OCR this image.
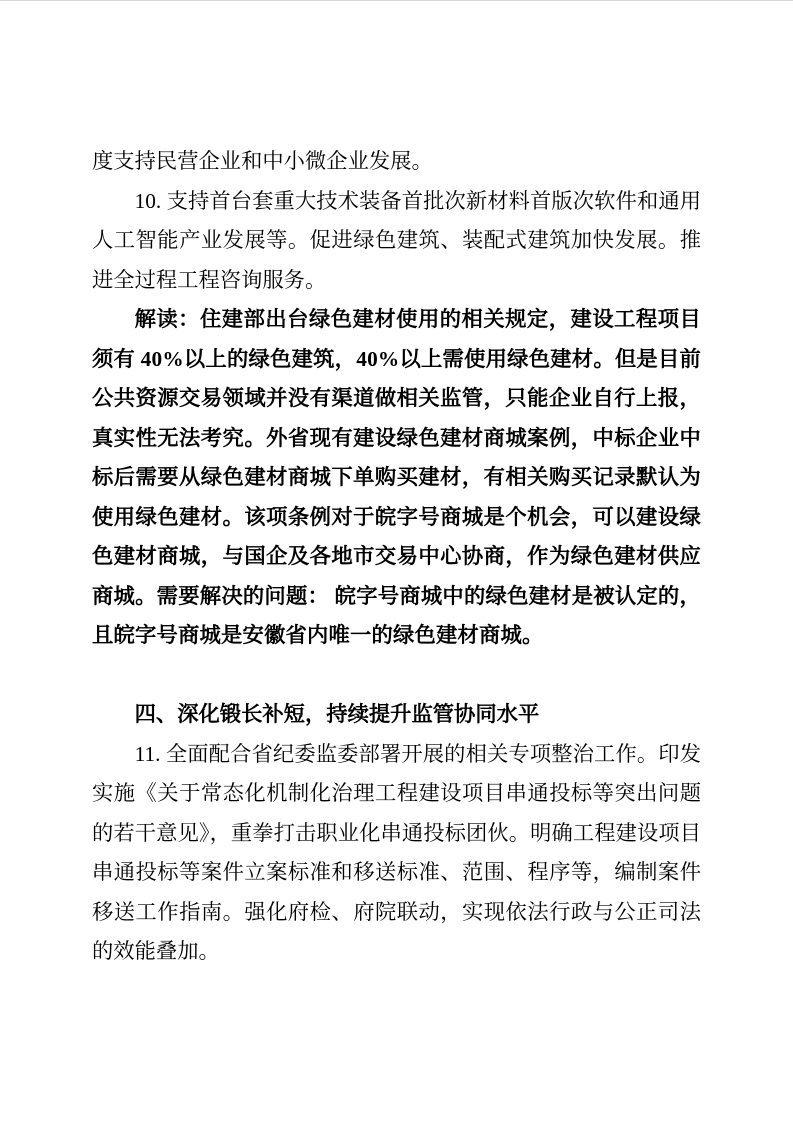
度支持民营企业和中小微企业发展。

10. 支持首台套重大技术装备首批次新材料首版次软件和通用人工智能产业发展等。促进绿色建筑、装配式建筑加快发展。推进全过程工程咨询服务。

解读：住建部出台绿色建材使用的相关规定，建设工程项目须有 40%以上的绿色建筑，40%以上需使用绿色建材。但是目前公共资源交易领域并没有渠道做相关监管，只能企业自行上报，真实性无法考究。外省现有建设绿色建材商城案例，中标企业中标后需要从绿色建材商城下单购买建材，有相关购买记录默认为使用绿色建材。该项条例对于皖字号商城是个机会，可以建设绿色建材商城，与国企及各地市交易中心协商，作为绿色建材供应商城。需要解决的问题： 皖字号商城中的绿色建材是被认定的，且皖字号商城是安徽省内唯一的绿色建材商城。

四、深化锻长补短，持续提升监管协同水平

11. 全面配合省纪委监委部署开展的相关专项整治工作。印发实施《关于常态化机制化治理工程建设项目串通投标等突出问题的若干意见》，重拳打击职业化串通投标团伙。明确工程建设项目串通投标等案件立案标准和移送标准、范围、程序等，编制案件移送工作指南。强化府检、府院联动，实现依法行政与公正司法的效能叠加。
